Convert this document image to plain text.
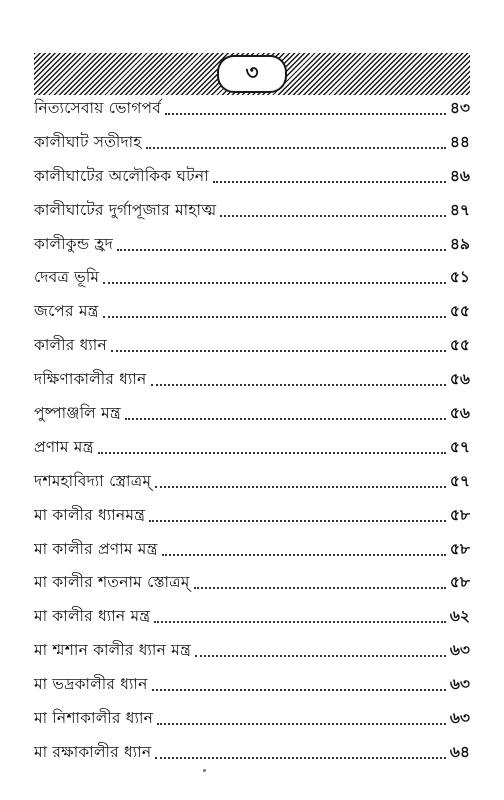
৩
নিত্যসেবায় ভোগপর্ব	৪৩
কালীঘাট সতীদাহ	৪৪
কালীঘাটের অলৌকিক ঘটনা	৪৬
কালীঘাটের দুর্গাপূজার মাহাত্ম	৪৭
কালীকুন্ড হ্রদ	৪৯
দেবত্র ভূমি	৫১
জপের মন্ত্র	৫৫
কালীর ধ্যান	৫৫
দক্ষিণাকালীর ধ্যান	৫৬
পুষ্পাঞ্জলি মন্ত্র	৫৬
প্রণাম মন্ত্র	৫৭
দশমহাবিদ্যা স্ত্রোত্রম্	৫৭
মা কালীর ধ্যানমন্ত্র	৫৮
মা কালীর প্রণাম মন্ত্র	৫৮
মা কালীর শতনাম স্তোত্রম্	৫৮
মা কালীর ধ্যান মন্ত্র	৬২
মা শ্মশান কালীর ধ্যান মন্ত্র	৬৩
মা ভদ্রকালীর ধ্যান	৬৩
মা নিশাকালীর ধ্যান	৬৩
মা রক্ষাকালীর ধ্যান	৬৪
